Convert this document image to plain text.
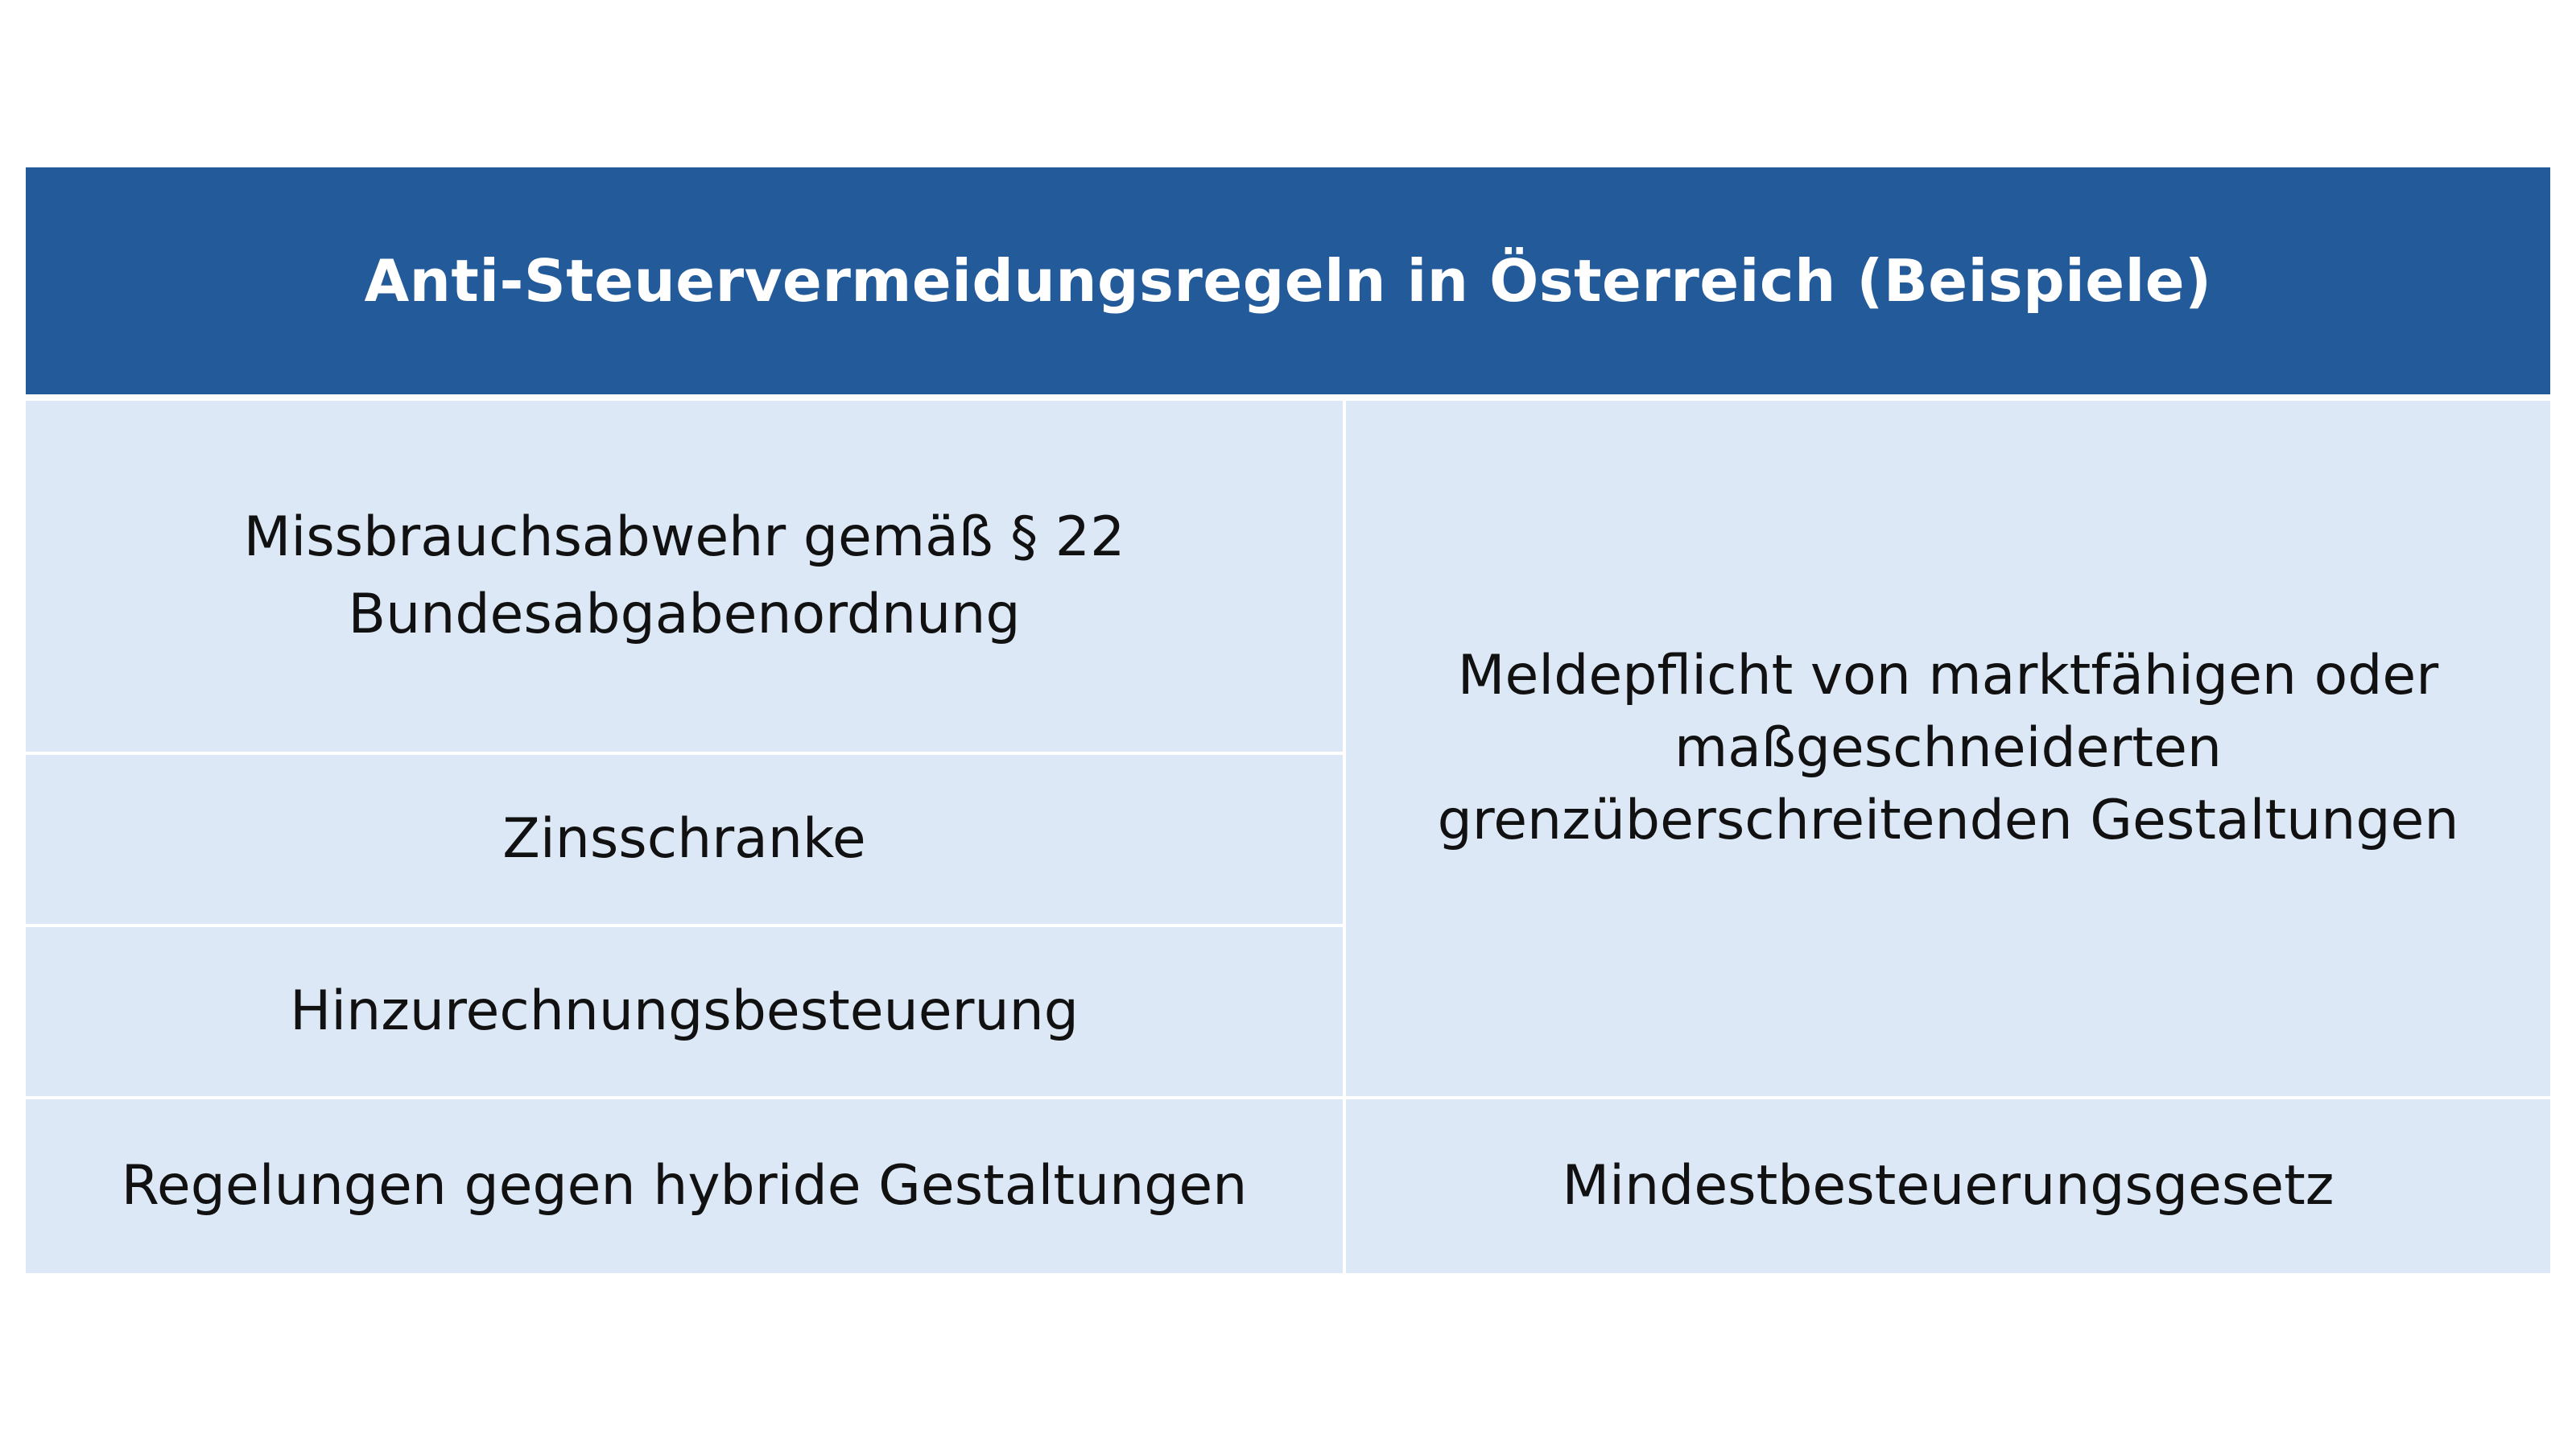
Anti-Steuervermeidungsregeln in Österreich (Beispiele)
Missbrauchsabwehr gemäß § 22
Bundesabgabenordnung
Meldepflicht von marktfähigen oder
maßgeschneiderten
grenzüberschreitenden Gestaltungen
Zinsschranke
Hinzurechnungsbesteuerung
Regelungen gegen hybride Gestaltungen	Mindestbesteuerungsgesetz
